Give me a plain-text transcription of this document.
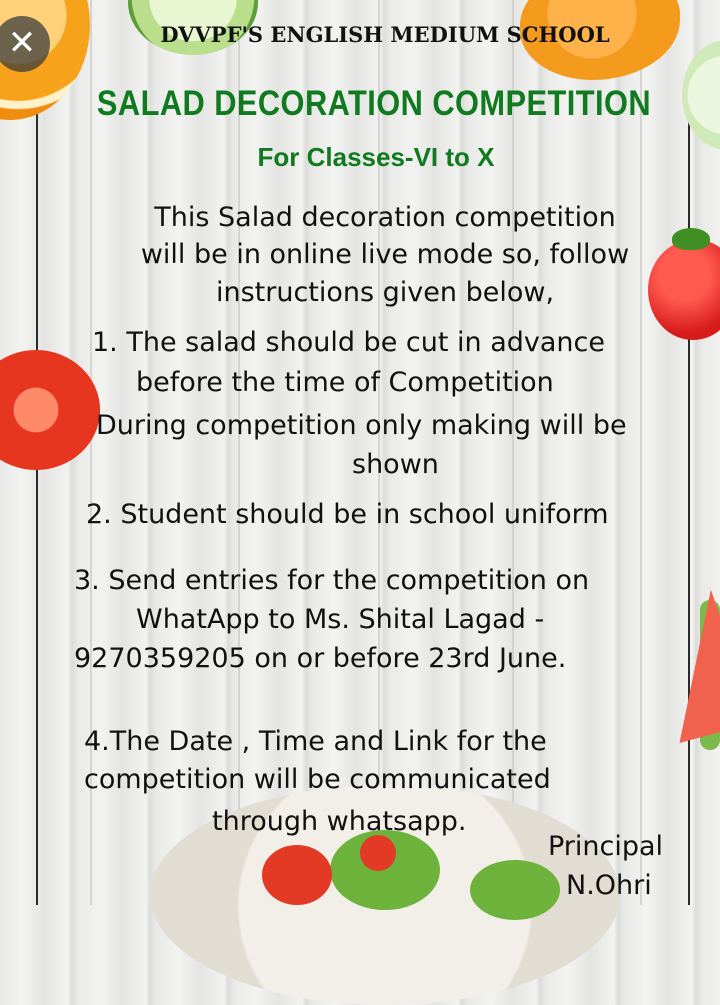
✕	DVVPF'S ENGLISH MEDIUM SCHOOL
SALAD DECORATION COMPETITION
For Classes-VI to X
This Salad decoration competition
will be in online live mode so, follow
instructions given below,
1. The salad should be cut in advance
before the time of Competition
During competition only making will be
shown
2. Student should be in school uniform
3. Send entries for the competition on
WhatApp to Ms. Shital Lagad -
9270359205 on or before 23rd June.
4.The Date , Time and Link for the
competition will be communicated
through whatsapp.
Principal
N.Ohri
